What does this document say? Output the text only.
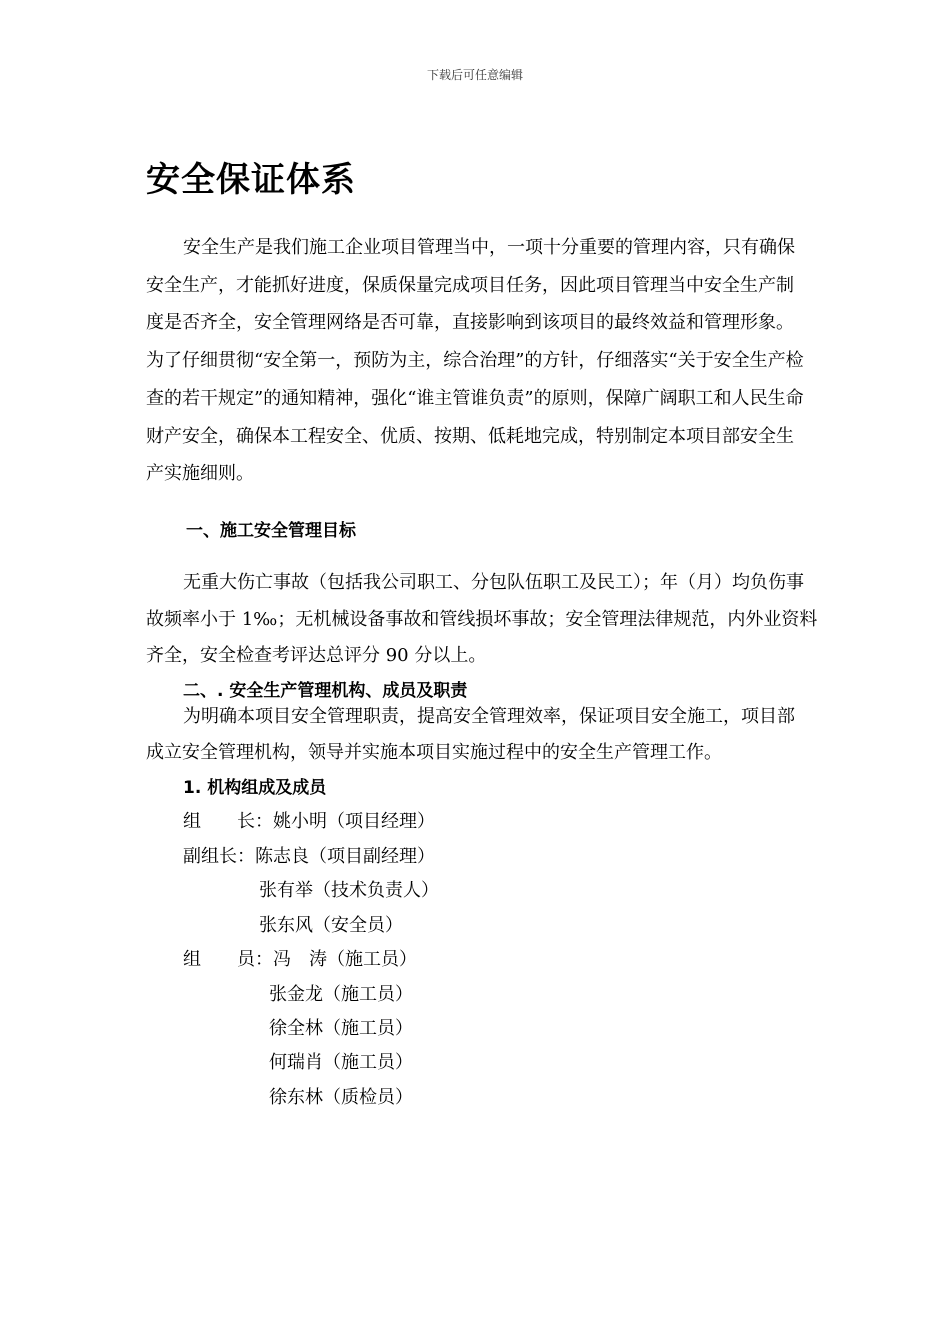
下载后可任意编辑
安全保证体系

安全生产是我们施工企业项目管理当中，一项十分重要的管理内容，只有确保安全生产，才能抓好进度，保质保量完成项目任务，因此项目管理当中安全生产制度是否齐全，安全管理网络是否可靠，直接影响到该项目的最终效益和管理形象。为了仔细贯彻“安全第一，预防为主，综合治理”的方针，仔细落实“关于安全生产检查的若干规定”的通知精神，强化“谁主管谁负责”的原则，保障广阔职工和人民生命财产安全，确保本工程安全、优质、按期、低耗地完成，特别制定本项目部安全生产实施细则。

一、施工安全管理目标

无重大伤亡事故（包括我公司职工、分包队伍职工及民工）；年（月）均负伤事故频率小于 1‰；无机械设备事故和管线损坏事故；安全管理法律规范，内外业资料齐全，安全检查考评达总评分 90 分以上。

二、. 安全生产管理机构、成员及职责

为明确本项目安全管理职责，提高安全管理效率，保证项目安全施工，项目部成立安全管理机构，领导并实施本项目实施过程中的安全生产管理工作。

1. 机构组成及成员
组　　长：姚小明（项目经理）
副组长：陈志良（项目副经理）
张有举（技术负责人）
张东风（安全员）
组　　员：冯　涛（施工员）
张金龙（施工员）
徐全林（施工员）
何瑞肖（施工员）
徐东林（质检员）
